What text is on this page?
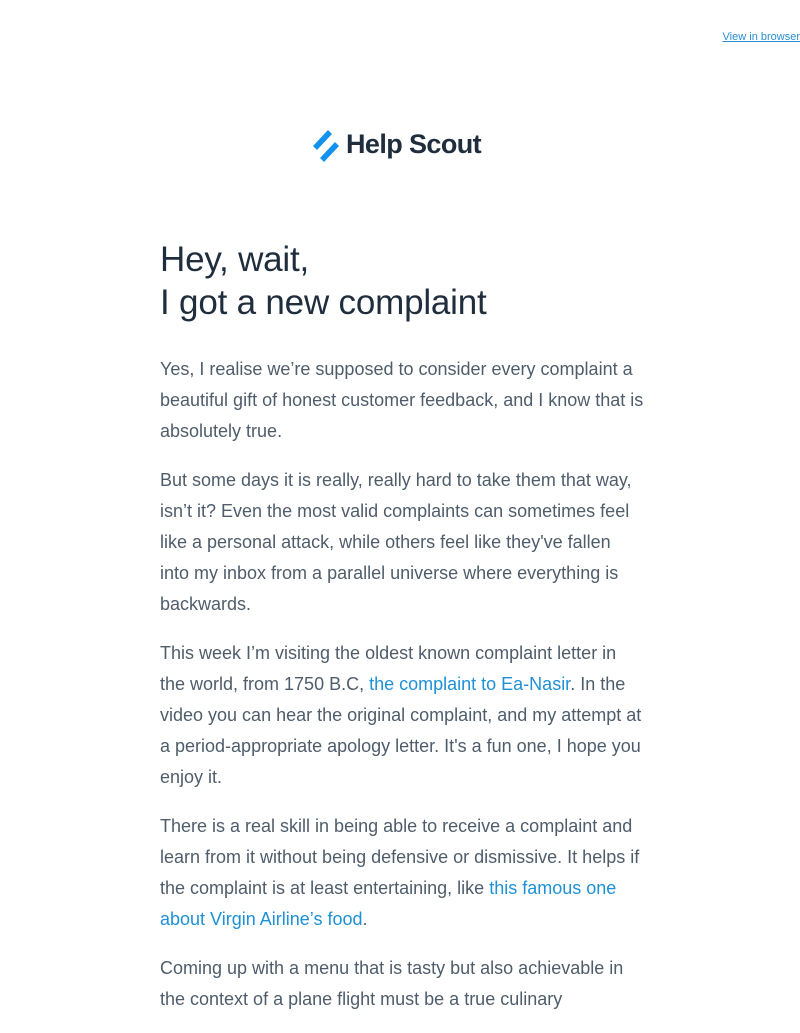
View in browser
Help Scout
Hey, wait,
I got a new complaint

Yes, I realise we’re supposed to consider every complaint a beautiful gift of honest customer feedback, and I know that is absolutely true.

But some days it is really, really hard to take them that way, isn’t it? Even the most valid complaints can sometimes feel like a personal attack, while others feel like they've fallen into my inbox from a parallel universe where everything is backwards.

This week I’m visiting the oldest known complaint letter in the world, from 1750 B.C, the complaint to Ea-Nasir. In the video you can hear the original complaint, and my attempt at a period-appropriate apology letter. It's a fun one, I hope you enjoy it.

There is a real skill in being able to receive a complaint and learn from it without being defensive or dismissive. It helps if the complaint is at least entertaining, like this famous one about Virgin Airline’s food.

Coming up with a menu that is tasty but also achievable in the context of a plane flight must be a true culinary
